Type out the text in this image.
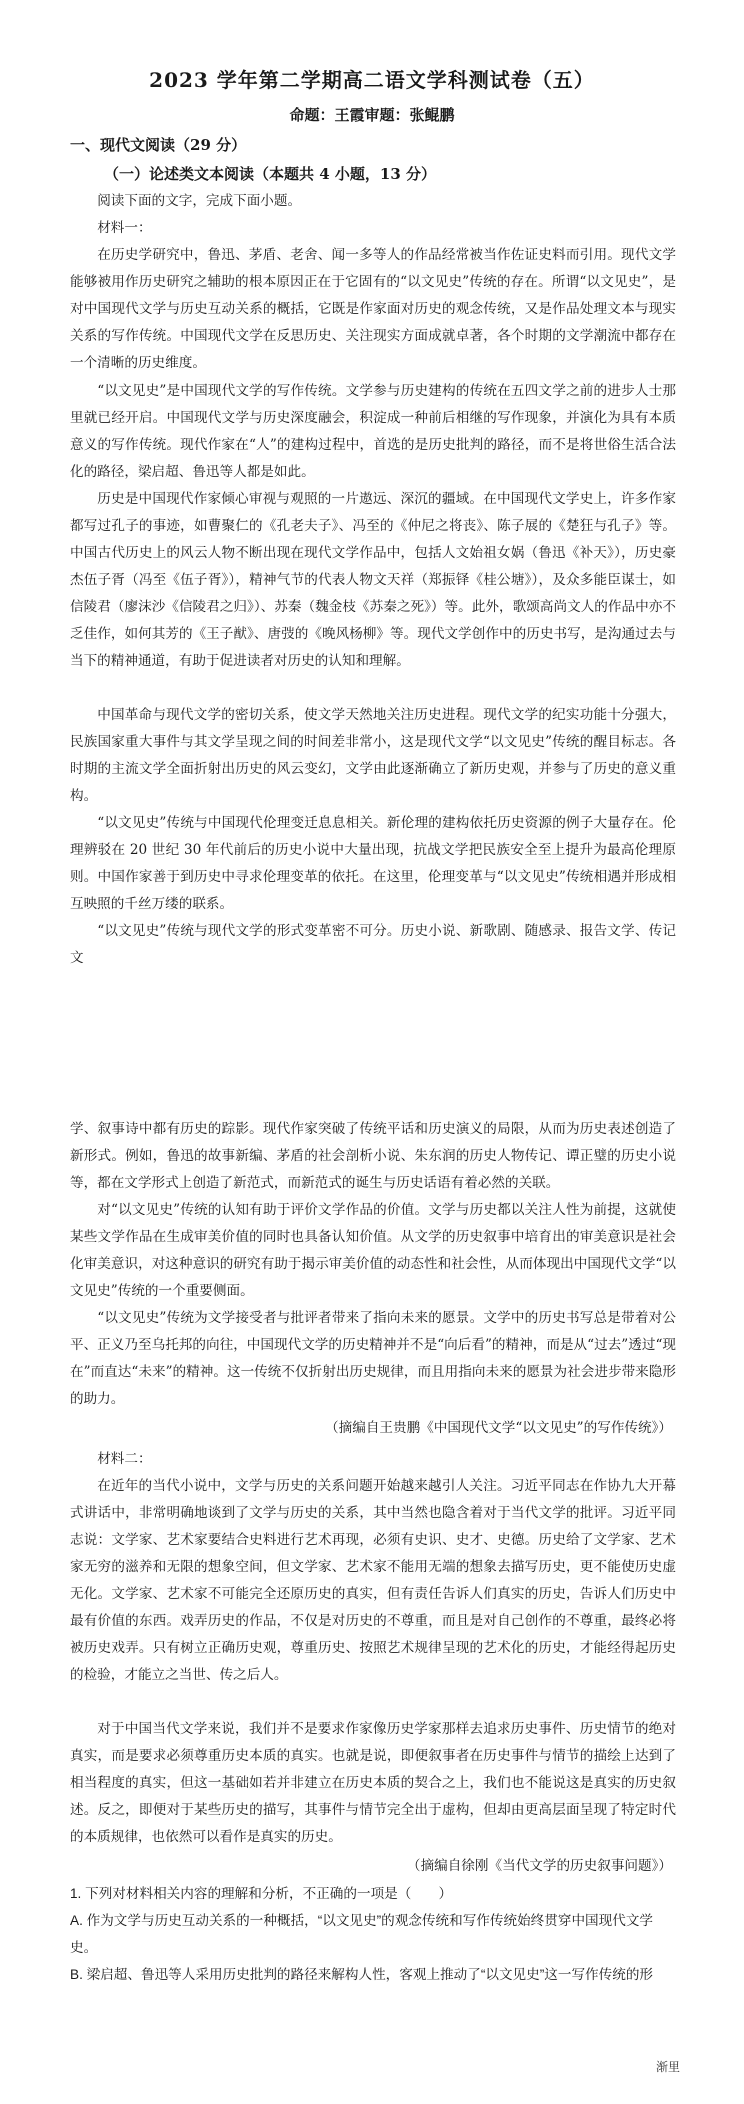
2023 学年第二学期高二语文学科测试卷（五）
命题：王霞审题：张鲲鹏
一、现代文阅读（29 分）
（一）论述类文本阅读（本题共 4 小题，13 分）
阅读下面的文字，完成下面小题。
材料一：
在历史学研究中，鲁迅、茅盾、老舍、闻一多等人的作品经常被当作佐证史料而引用。现代文学能够被用作历史研究之辅助的根本原因正在于它固有的“以文见史”传统的存在。所谓“以文见史”，是对中国现代文学与历史互动关系的概括，它既是作家面对历史的观念传统，又是作品处理文本与现实关系的写作传统。中国现代文学在反思历史、关注现实方面成就卓著，各个时期的文学潮流中都存在一个清晰的历史维度。
“以文见史”是中国现代文学的写作传统。文学参与历史建构的传统在五四文学之前的进步人士那里就已经开启。中国现代文学与历史深度融会，积淀成一种前后相继的写作现象，并演化为具有本质意义的写作传统。现代作家在“人”的建构过程中，首选的是历史批判的路径，而不是将世俗生活合法化的路径，梁启超、鲁迅等人都是如此。
历史是中国现代作家倾心审视与观照的一片遨远、深沉的疆域。在中国现代文学史上，许多作家都写过孔子的事迹，如曹聚仁的《孔老夫子》、冯至的《仲尼之将丧》、陈子展的《楚狂与孔子》等。中国古代历史上的风云人物不断出现在现代文学作品中，包括人文始祖女娲（鲁迅《补天》），历史豪杰伍子胥（冯至《伍子胥》），精神气节的代表人物文天祥（郑振铎《桂公塘》），及众多能臣谋士，如信陵君（廖沫沙《信陵君之归》）、苏秦（魏金枝《苏秦之死》）等。此外，歌颂高尚文人的作品中亦不乏佳作，如何其芳的《王子猷》、唐弢的《晚风杨柳》等。现代文学创作中的历史书写，是沟通过去与当下的精神通道，有助于促进读者对历史的认知和理解。
中国革命与现代文学的密切关系，使文学天然地关注历史进程。现代文学的纪实功能十分强大，民族国家重大事件与其文学呈现之间的时间差非常小，这是现代文学“以文见史”传统的醒目标志。各时期的主流文学全面折射出历史的风云变幻，文学由此逐渐确立了新历史观，并参与了历史的意义重构。
“以文见史”传统与中国现代伦理变迁息息相关。新伦理的建构依托历史资源的例子大量存在。伦理辨驳在 20 世纪 30 年代前后的历史小说中大量出现，抗战文学把民族安全至上提升为最高伦理原则。中国作家善于到历史中寻求伦理变革的依托。在这里，伦理变革与“以文见史”传统相遇并形成相互映照的千丝万缕的联系。
“以文见史”传统与现代文学的形式变革密不可分。历史小说、新歌剧、随感录、报告文学、传记文
学、叙事诗中都有历史的踪影。现代作家突破了传统平话和历史演义的局限，从而为历史表述创造了新形式。例如，鲁迅的故事新编、茅盾的社会剖析小说、朱东润的历史人物传记、谭正璧的历史小说等，都在文学形式上创造了新范式，而新范式的诞生与历史话语有着必然的关联。
对“以文见史”传统的认知有助于评价文学作品的价值。文学与历史都以关注人性为前提，这就使某些文学作品在生成审美价值的同时也具备认知价值。从文学的历史叙事中培育出的审美意识是社会化审美意识，对这种意识的研究有助于揭示审美价值的动态性和社会性，从而体现出中国现代文学“以文见史”传统的一个重要侧面。
“以文见史”传统为文学接受者与批评者带来了指向未来的愿景。文学中的历史书写总是带着对公平、正义乃至乌托邦的向往，中国现代文学的历史精神并不是“向后看”的精神，而是从“过去”透过“现在”而直达“未来”的精神。这一传统不仅折射出历史规律，而且用指向未来的愿景为社会进步带来隐形的助力。
（摘编自王贵鹏《中国现代文学“以文见史”的写作传统》）
材料二：
在近年的当代小说中，文学与历史的关系问题开始越来越引人关注。习近平同志在作协九大开幕式讲话中，非常明确地谈到了文学与历史的关系，其中当然也隐含着对于当代文学的批评。习近平同志说：文学家、艺术家要结合史料进行艺术再现，必须有史识、史才、史德。历史给了文学家、艺术家无穷的滋养和无限的想象空间，但文学家、艺术家不能用无端的想象去描写历史，更不能使历史虚无化。文学家、艺术家不可能完全还原历史的真实，但有责任告诉人们真实的历史，告诉人们历史中最有价值的东西。戏弄历史的作品，不仅是对历史的不尊重，而且是对自己创作的不尊重，最终必将被历史戏弄。只有树立正确历史观，尊重历史、按照艺术规律呈现的艺术化的历史，才能经得起历史的检验，才能立之当世、传之后人。
对于中国当代文学来说，我们并不是要求作家像历史学家那样去追求历史事件、历史情节的绝对真实，而是要求必须尊重历史本质的真实。也就是说，即便叙事者在历史事件与情节的描绘上达到了相当程度的真实，但这一基础如若并非建立在历史本质的契合之上，我们也不能说这是真实的历史叙述。反之，即便对于某些历史的描写，其事件与情节完全出于虚构，但却由更高层面呈现了特定时代的本质规律，也依然可以看作是真实的历史。
（摘编自徐刚《当代文学的历史叙事问题》）
1. 下列对材料相关内容的理解和分析，不正确的一项是（　　）
A. 作为文学与历史互动关系的一种概括，“以文见史”的观念传统和写作传统始终贯穿中国现代文学史。
B. 梁启超、鲁迅等人采用历史批判的路径来解构人性，客观上推动了“以文见史”这一写作传统的形
渐里
